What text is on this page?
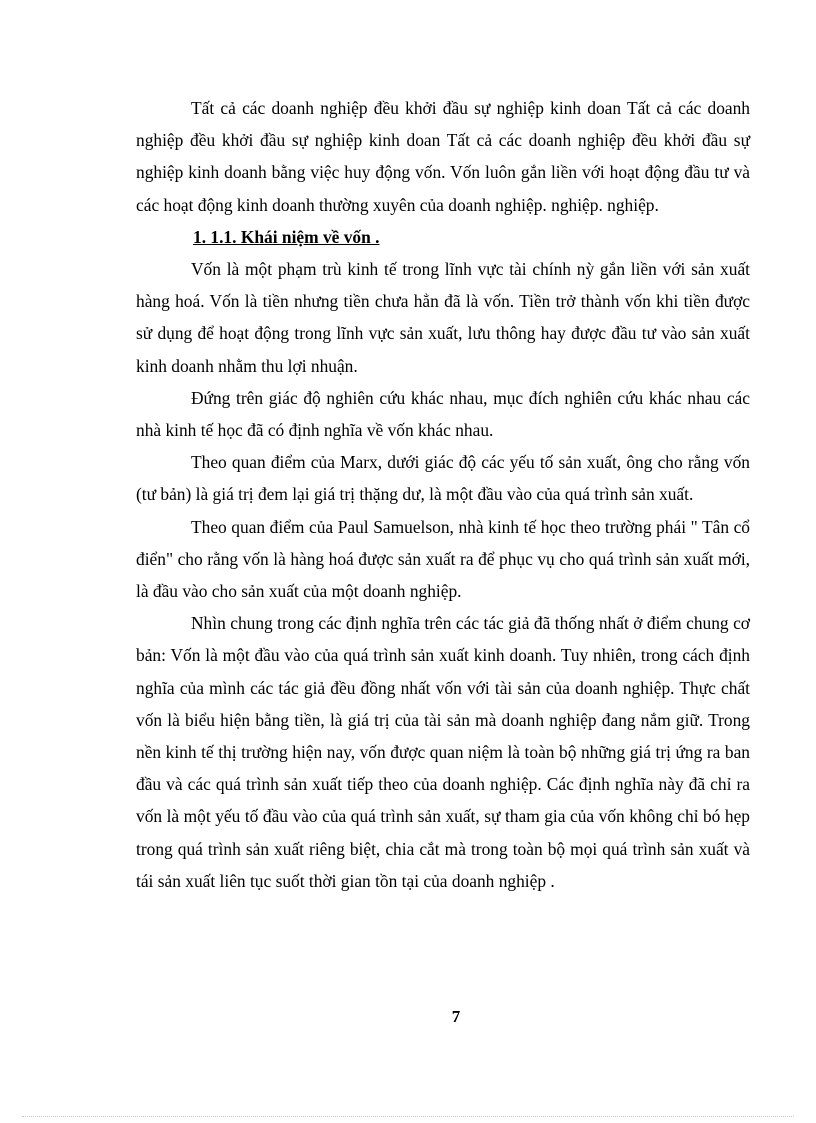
Tất cả các doanh nghiệp đều khởi đầu sự nghiệp kinh doan Tất cả các doanh nghiệp đều khởi đầu sự nghiệp kinh doan Tất cả các doanh nghiệp đều khởi đầu sự nghiệp kinh doanh bằng việc huy động vốn. Vốn luôn gắn liền với hoạt động đầu tư và các hoạt động kinh doanh thường xuyên của doanh nghiệp. nghiệp. nghiệp.

1. 1.1. Khái niệm về vốn .

Vốn là một phạm trù kinh tế trong lĩnh vực tài chính nỳ gắn liền với sản xuất hàng hoá. Vốn là tiền nhưng tiền chưa hẳn đã là vốn. Tiền trở thành vốn khi tiền được sử dụng để hoạt động trong lĩnh vực sản xuất, lưu thông hay được đầu tư vào sản xuất kinh doanh nhằm thu lợi nhuận.

Đứng trên giác độ nghiên cứu khác nhau, mục đích nghiên cứu khác nhau các nhà kinh tế học đã có định nghĩa về vốn khác nhau.

Theo quan điểm của Marx, dưới giác độ các yếu tố sản xuất, ông cho rằng vốn (tư bản) là giá trị đem lại giá trị thặng dư, là một đầu vào của quá trình sản xuất.

Theo quan điểm của Paul Samuelson, nhà kinh tế học theo trường phái " Tân cổ điển" cho rằng vốn là hàng hoá được sản xuất ra để phục vụ cho quá trình sản xuất mới, là đầu vào cho sản xuất của một doanh nghiệp.

Nhìn chung trong các định nghĩa trên các tác giả đã thống nhất ở điểm chung cơ bản: Vốn là một đầu vào của quá trình sản xuất kinh doanh. Tuy nhiên, trong cách định nghĩa của mình các tác giả đều đồng nhất vốn với tài sản của doanh nghiệp. Thực chất vốn là biểu hiện bằng tiền, là giá trị của tài sản mà doanh nghiệp đang nắm giữ. Trong nền kinh tế thị trường hiện nay, vốn được quan niệm là toàn bộ những giá trị ứng ra ban đầu và các quá trình sản xuất tiếp theo của doanh nghiệp. Các định nghĩa này đã chỉ ra vốn là một yếu tố đầu vào của quá trình sản xuất, sự tham gia của vốn không chỉ bó hẹp trong quá trình sản xuất riêng biệt, chia cắt mà trong toàn bộ mọi quá trình sản xuất và tái sản xuất liên tục suốt thời gian tồn tại của doanh nghiệp .

7
